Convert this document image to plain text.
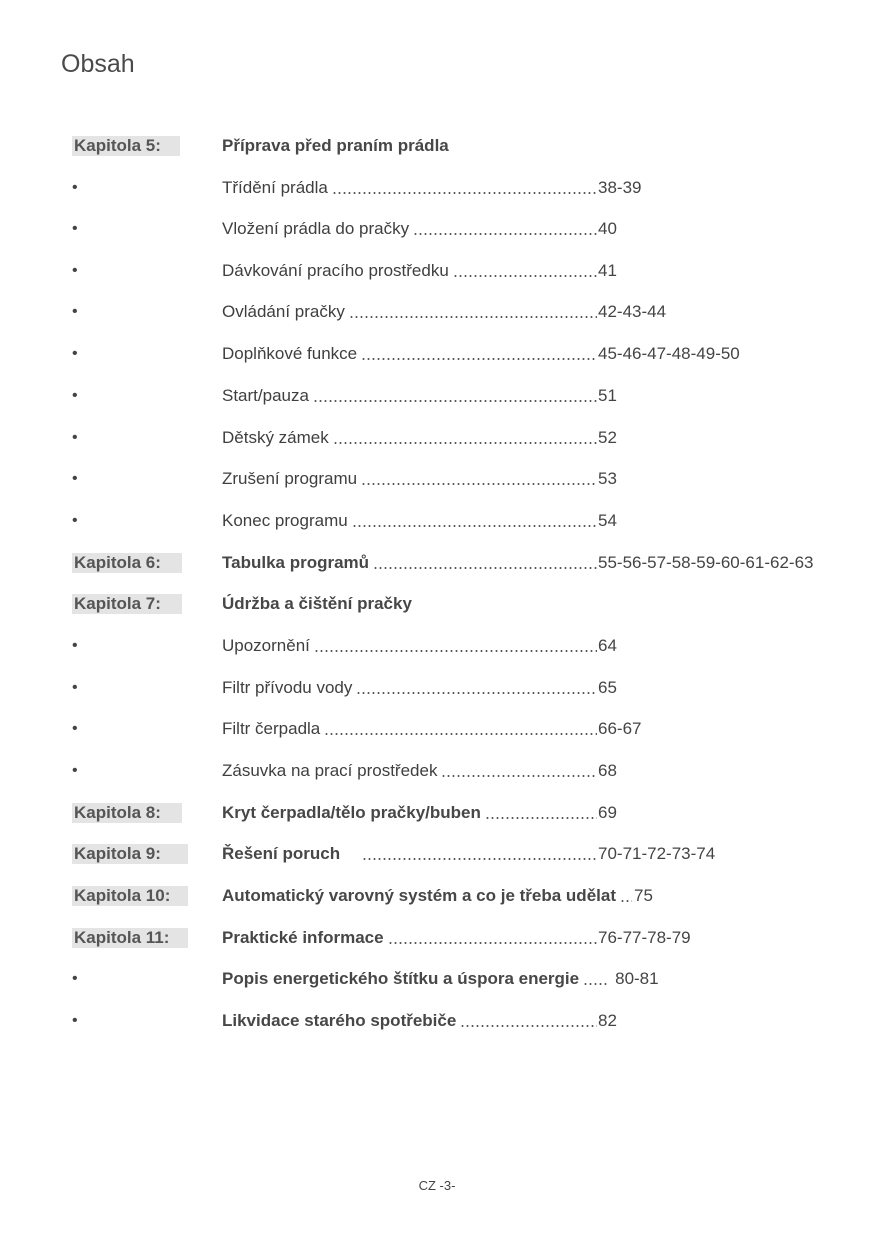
Obsah
Kapitola 5:	Příprava před praním prádla
•	Třídění prádla	38-39
•	Vložení prádla do pračky	40
•	Dávkování pracího prostředku	41
•	Ovládání pračky	42-43-44
•	Doplňkové funkce	45-46-47-48-49-50
•	Start/pauza	51
•	Dětský zámek	52
•	Zrušení programu	53
•	Konec programu	54
Kapitola 6:	Tabulka programů	55-56-57-58-59-60-61-62-63
Kapitola 7:	Údržba a čištění pračky
•	Upozornění	64
•	Filtr přívodu vody	65
•	Filtr čerpadla	66-67
•	Zásuvka na prací prostředek	68
Kapitola 8:	Kryt čerpadla/tělo pračky/buben	69
Kapitola 9:	Řešení poruch	70-71-72-73-74
Kapitola 10:	Automatický varovný systém a co je třeba udělat 75
Kapitola 11:	Praktické informace	76-77-78-79
•	Popis energetického štítku a úspora energie 80-81
•	Likvidace starého spotřebiče	82
CZ -3-
